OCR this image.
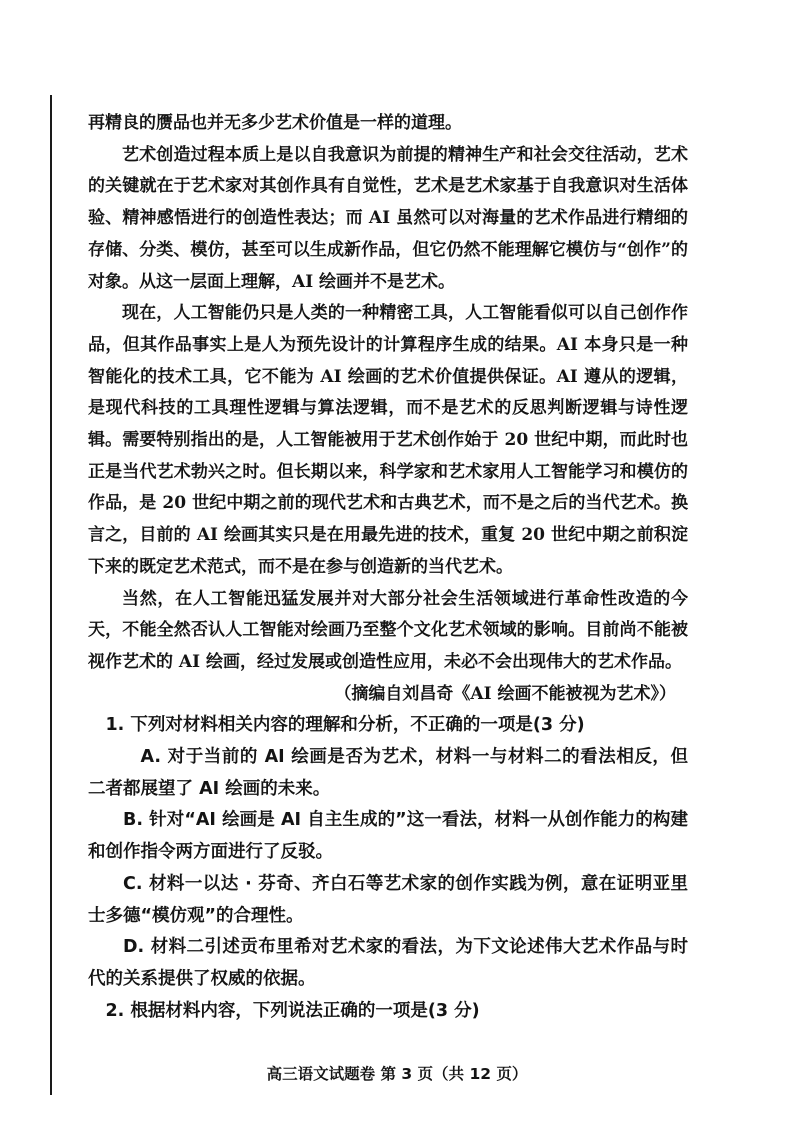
再精良的赝品也并无多少艺术价值是一样的道理。

艺术创造过程本质上是以自我意识为前提的精神生产和社会交往活动，艺术的关键就在于艺术家对其创作具有自觉性，艺术是艺术家基于自我意识对生活体验、精神感悟进行的创造性表达；而 AI 虽然可以对海量的艺术作品进行精细的存储、分类、模仿，甚至可以生成新作品，但它仍然不能理解它模仿与“创作”的对象。从这一层面上理解，AI 绘画并不是艺术。

现在，人工智能仍只是人类的一种精密工具，人工智能看似可以自己创作作品，但其作品事实上是人为预先设计的计算程序生成的结果。AI 本身只是一种智能化的技术工具，它不能为 AI 绘画的艺术价值提供保证。AI 遵从的逻辑，是现代科技的工具理性逻辑与算法逻辑，而不是艺术的反思判断逻辑与诗性逻辑。需要特别指出的是，人工智能被用于艺术创作始于 20 世纪中期，而此时也正是当代艺术勃兴之时。但长期以来，科学家和艺术家用人工智能学习和模仿的作品，是 20 世纪中期之前的现代艺术和古典艺术，而不是之后的当代艺术。换言之，目前的 AI 绘画其实只是在用最先进的技术，重复 20 世纪中期之前积淀下来的既定艺术范式，而不是在参与创造新的当代艺术。

当然，在人工智能迅猛发展并对大部分社会生活领域进行革命性改造的今天，不能全然否认人工智能对绘画乃至整个文化艺术领域的影响。目前尚不能被视作艺术的 AI 绘画，经过发展或创造性应用，未必不会出现伟大的艺术作品。

（摘编自刘昌奇《AI 绘画不能被视为艺术》）

1. 下列对材料相关内容的理解和分析，不正确的一项是(3 分)

A. 对于当前的 AI 绘画是否为艺术，材料一与材料二的看法相反，但二者都展望了 AI 绘画的未来。

B. 针对“AI 绘画是 AI 自主生成的”这一看法，材料一从创作能力的构建和创作指令两方面进行了反驳。

C. 材料一以达 · 芬奇、齐白石等艺术家的创作实践为例，意在证明亚里士多德“模仿观”的合理性。

D. 材料二引述贡布里希对艺术家的看法，为下文论述伟大艺术作品与时代的关系提供了权威的依据。

2. 根据材料内容，下列说法正确的一项是(3 分)

高三语文试题卷 第 3 页（共 12 页）
